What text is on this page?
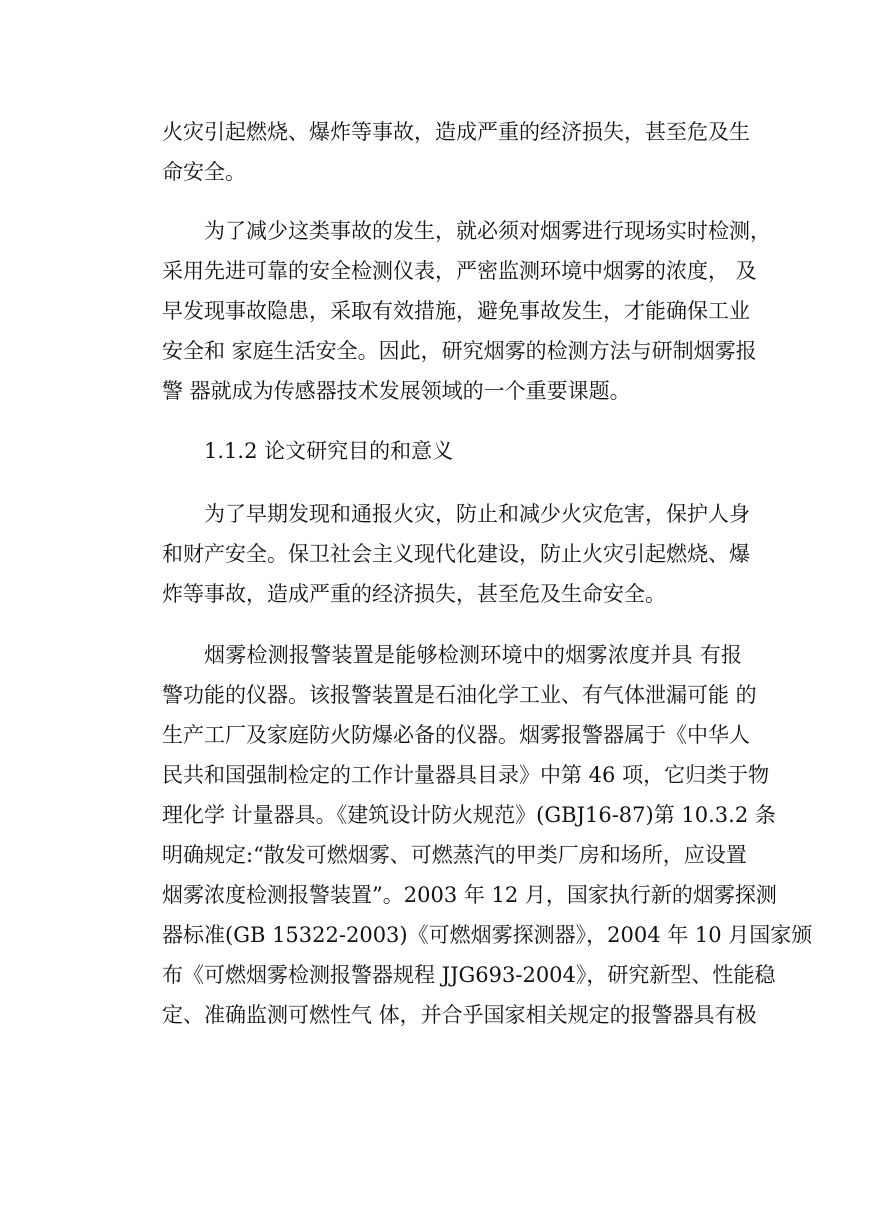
火灾引起燃烧、爆炸等事故，造成严重的经济损失，甚至危及生
命安全。
为了减少这类事故的发生，就必须对烟雾进行现场实时检测，
采用先进可靠的安全检测仪表，严密监测环境中烟雾的浓度， 及
早发现事故隐患，采取有效措施，避免事故发生，才能确保工业
安全和 家庭生活安全。因此，研究烟雾的检测方法与研制烟雾报
警 器就成为传感器技术发展领域的一个重要课题。
1.1.2 论文研究目的和意义
为了早期发现和通报火灾，防止和减少火灾危害，保护人身
和财产安全。保卫社会主义现代化建设，防止火灾引起燃烧、爆
炸等事故，造成严重的经济损失，甚至危及生命安全。
烟雾检测报警装置是能够检测环境中的烟雾浓度并具 有报
警功能的仪器。该报警装置是石油化学工业、有气体泄漏可能 的
生产工厂及家庭防火防爆必备的仪器。烟雾报警器属于《中华人
民共和国强制检定的工作计量器具目录》中第 46 项，它归类于物
理化学 计量器具。《建筑设计防火规范》(GBJ16-87)第 10.3.2 条
明确规定:“散发可燃烟雾、可燃蒸汽的甲类厂房和场所，应设置
烟雾浓度检测报警装置”。2003 年 12 月，国家执行新的烟雾探测
器标准(GB 15322-2003)《可燃烟雾探测器》，2004 年 10 月国家颁
布《可燃烟雾检测报警器规程 JJG693-2004》，研究新型、性能稳
定、准确监测可燃性气 体，并合乎国家相关规定的报警器具有极
